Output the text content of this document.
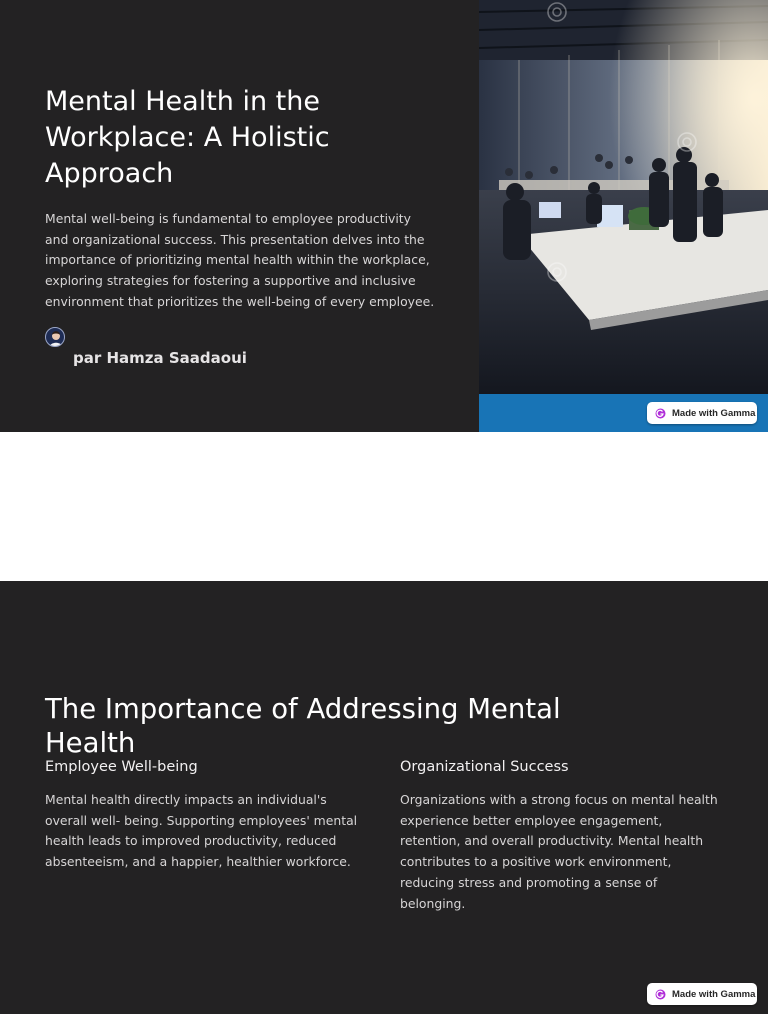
Mental Health in the Workplace: A Holistic Approach

Mental well-being is fundamental to employee productivity and organizational success. This presentation delves into the importance of prioritizing mental health within the workplace, exploring strategies for fostering a supportive and inclusive environment that prioritizes the well-being of every employee.

par Hamza Saadaoui
Made with Gamma
The Importance of Addressing Mental Health
Employee Well-being

Mental health directly impacts an individual's overall well- being. Supporting employees' mental health leads to improved productivity, reduced absenteeism, and a happier, healthier workforce.

Organizational Success

Organizations with a strong focus on mental health experience better employee engagement, retention, and overall productivity. Mental health contributes to a positive work environment, reducing stress and promoting a sense of belonging.

Made with Gamma
